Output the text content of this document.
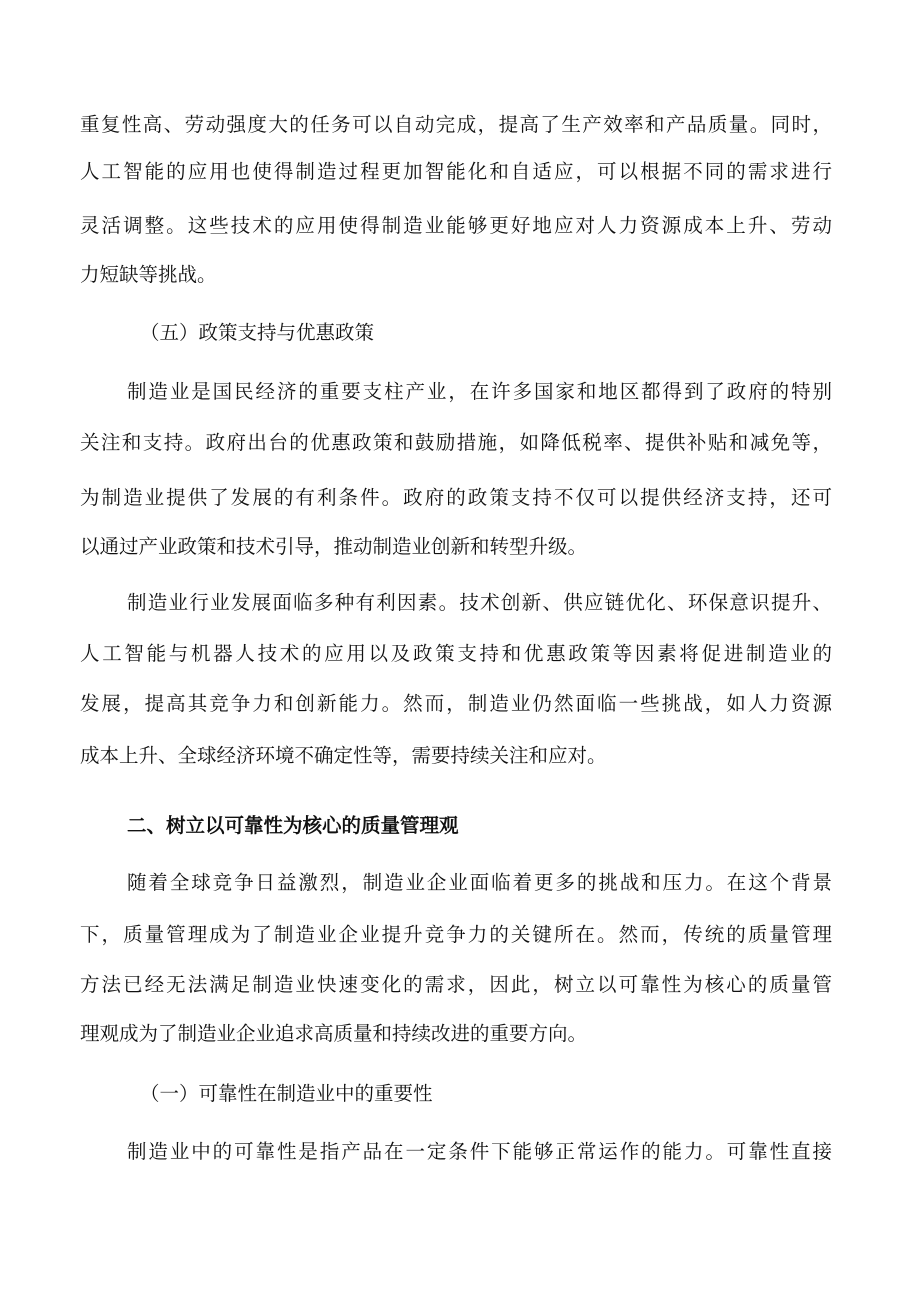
重复性高、劳动强度大的任务可以自动完成，提高了生产效率和产品质量。同时，
人工智能的应用也使得制造过程更加智能化和自适应，可以根据不同的需求进行
灵活调整。这些技术的应用使得制造业能够更好地应对人力资源成本上升、劳动
力短缺等挑战。
（五）政策支持与优惠政策
制造业是国民经济的重要支柱产业，在许多国家和地区都得到了政府的特别
关注和支持。政府出台的优惠政策和鼓励措施，如降低税率、提供补贴和减免等，
为制造业提供了发展的有利条件。政府的政策支持不仅可以提供经济支持，还可
以通过产业政策和技术引导，推动制造业创新和转型升级。
制造业行业发展面临多种有利因素。技术创新、供应链优化、环保意识提升、
人工智能与机器人技术的应用以及政策支持和优惠政策等因素将促进制造业的
发展，提高其竞争力和创新能力。然而，制造业仍然面临一些挑战，如人力资源
成本上升、全球经济环境不确定性等，需要持续关注和应对。
二、树立以可靠性为核心的质量管理观
随着全球竞争日益激烈，制造业企业面临着更多的挑战和压力。在这个背景
下，质量管理成为了制造业企业提升竞争力的关键所在。然而，传统的质量管理
方法已经无法满足制造业快速变化的需求，因此，树立以可靠性为核心的质量管
理观成为了制造业企业追求高质量和持续改进的重要方向。
（一）可靠性在制造业中的重要性
制造业中的可靠性是指产品在一定条件下能够正常运作的能力。可靠性直接
